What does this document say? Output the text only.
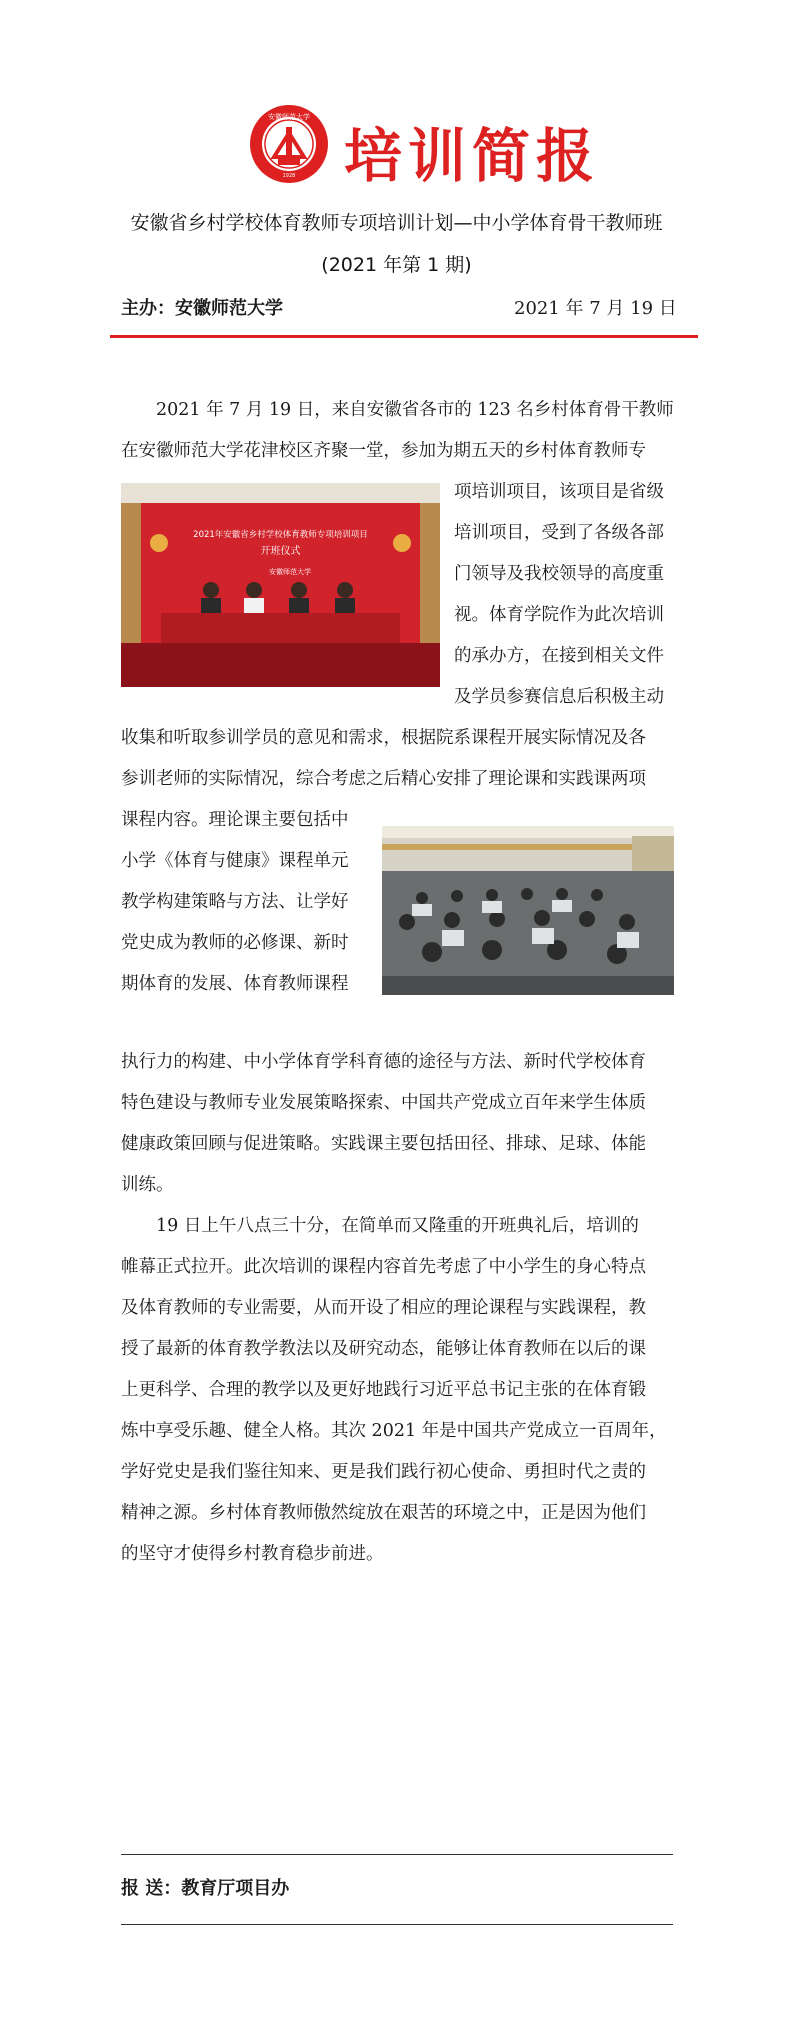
安徽师范大学
1928 培训简报
安徽省乡村学校体育教师专项培训计划—中小学体育骨干教师班
(2021 年第 1 期)
主办：安徽师范大学	2021 年 7 月 19 日
2021 年 7 月 19 日，来自安徽省各市的 123 名乡村体育骨干教师
在安徽师范大学花津校区齐聚一堂，参加为期五天的乡村体育教师专
项培训项目，该项目是省级
培训项目，受到了各级各部
门领导及我校领导的高度重
视。体育学院作为此次培训
的承办方，在接到相关文件
及学员参赛信息后积极主动
收集和听取参训学员的意见和需求，根据院系课程开展实际情况及各
参训老师的实际情况，综合考虑之后精心安排了理论课和实践课两项
课程内容。理论课主要包括中
小学《体育与健康》课程单元
教学构建策略与方法、让学好
党史成为教师的必修课、新时
期体育的发展、体育教师课程
执行力的构建、中小学体育学科育德的途径与方法、新时代学校体育
特色建设与教师专业发展策略探索、中国共产党成立百年来学生体质
健康政策回顾与促进策略。实践课主要包括田径、排球、足球、体能
训练。
19 日上午八点三十分，在简单而又隆重的开班典礼后，培训的
帷幕正式拉开。此次培训的课程内容首先考虑了中小学生的身心特点
及体育教师的专业需要，从而开设了相应的理论课程与实践课程，教
授了最新的体育教学教法以及研究动态，能够让体育教师在以后的课
上更科学、合理的教学以及更好地践行习近平总书记主张的在体育锻
炼中享受乐趣、健全人格。其次 2021 年是中国共产党成立一百周年，
学好党史是我们鉴往知来、更是我们践行初心使命、勇担时代之责的
精神之源。乡村体育教师傲然绽放在艰苦的环境之中，正是因为他们
的坚守才使得乡村教育稳步前进。
2021年安徽省乡村学校体育教师专项培训项目
开班仪式
安徽师范大学
报 送：教育厅项目办
